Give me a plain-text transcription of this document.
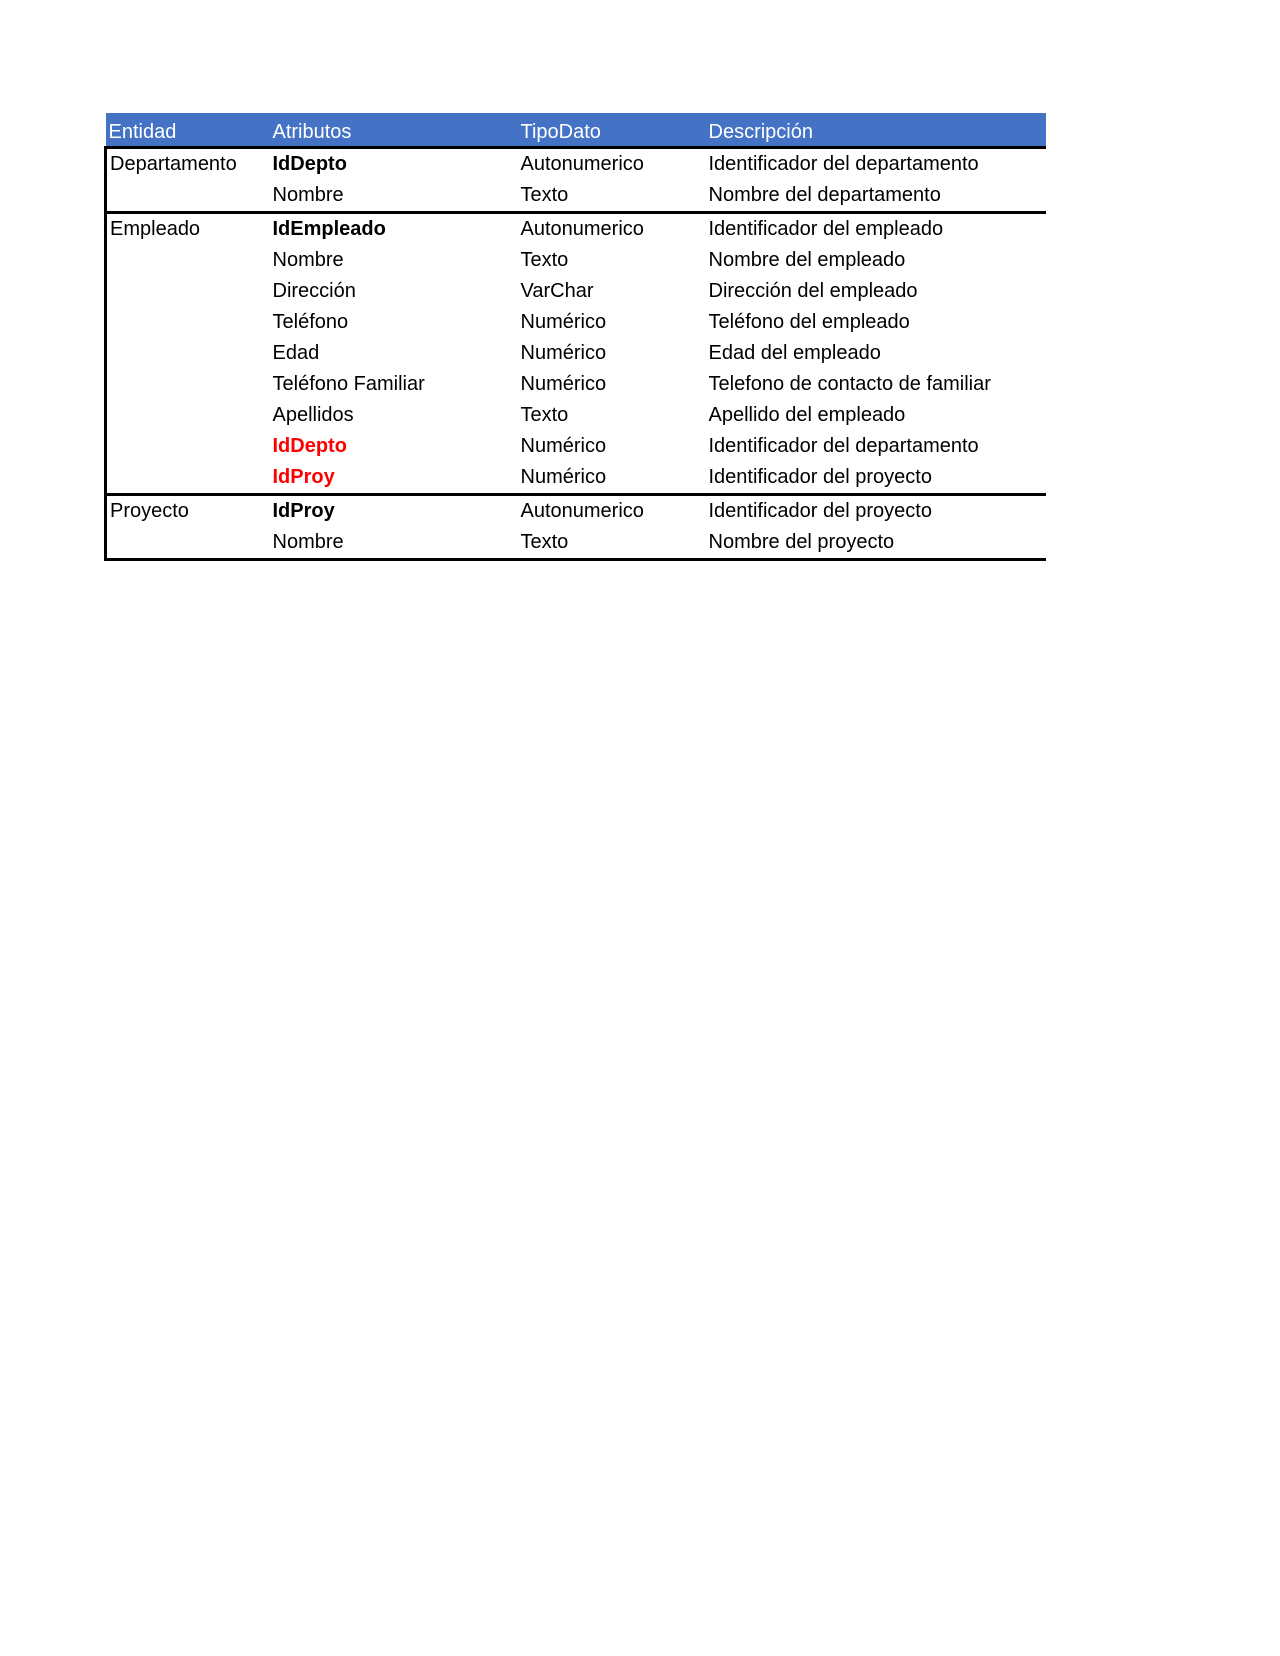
Entidad	Atributos	TipoDato	Descripción
Departamento	IdDepto	Autonumerico	Identificador del departamento
	Nombre	Texto	Nombre del departamento
Empleado	IdEmpleado	Autonumerico	Identificador del empleado
	Nombre	Texto	Nombre del empleado
	Dirección	VarChar	Dirección del empleado
	Teléfono	Numérico	Teléfono del empleado
	Edad	Numérico	Edad del empleado
	Teléfono Familiar	Numérico	Telefono de contacto de familiar
	Apellidos	Texto	Apellido del empleado
	IdDepto	Numérico	Identificador del departamento
	IdProy	Numérico	Identificador del proyecto
Proyecto	IdProy	Autonumerico	Identificador del proyecto
	Nombre	Texto	Nombre del proyecto
